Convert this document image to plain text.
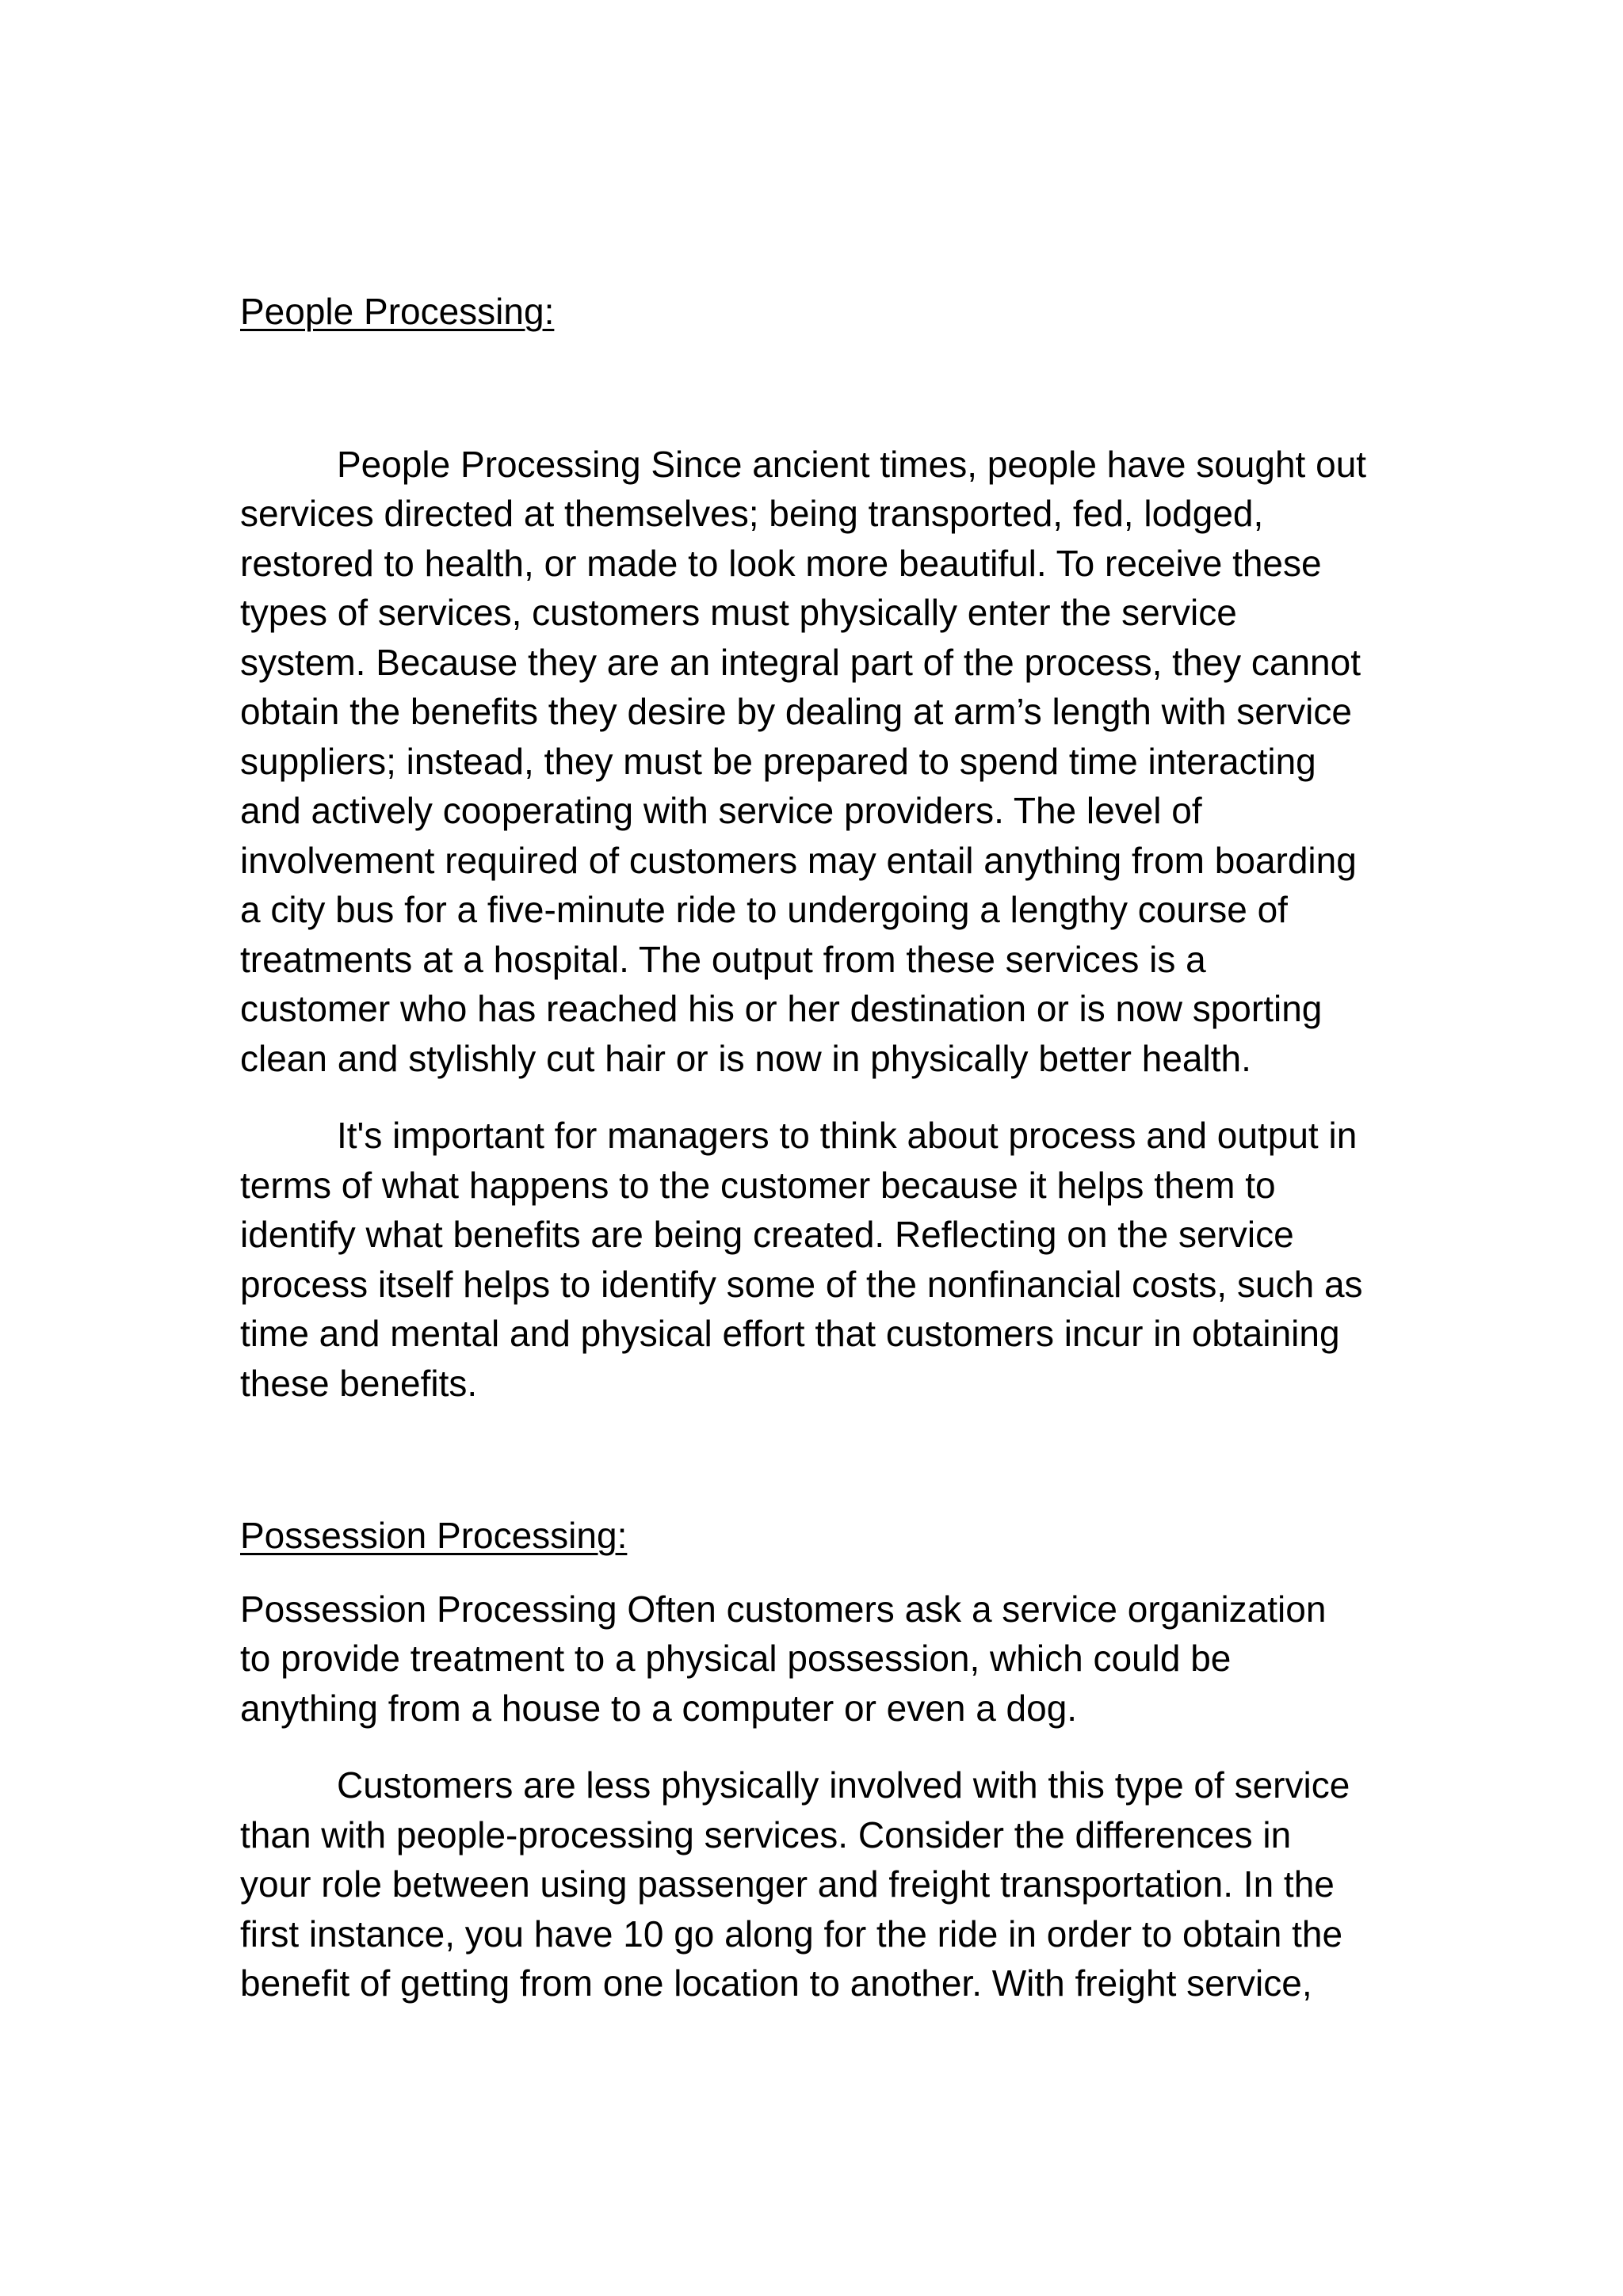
People Processing:

People Processing Since ancient times, people have sought out
services directed at themselves; being transported, fed, lodged,
restored to health, or made to look more beautiful. To receive these
types of services, customers must physically enter the service
system. Because they are an integral part of the process, they cannot
obtain the benefits they desire by dealing at arm’s length with service
suppliers; instead, they must be prepared to spend time interacting
and actively cooperating with service providers. The level of
involvement required of customers may entail anything from boarding
a city bus for a five-minute ride to undergoing a lengthy course of
treatments at a hospital. The output from these services is a
customer who has reached his or her destination or is now sporting
clean and stylishly cut hair or is now in physically better health.

It's important for managers to think about process and output in
terms of what happens to the customer because it helps them to
identify what benefits are being created. Reflecting on the service
process itself helps to identify some of the nonfinancial costs, such as
time and mental and physical effort that customers incur in obtaining
these benefits.

Possession Processing:

Possession Processing Often customers ask a service organization
to provide treatment to a physical possession, which could be
anything from a house to a computer or even a dog.

Customers are less physically involved with this type of service
than with people-processing services. Consider the differences in
your role between using passenger and freight transportation. In the
first instance, you have 10 go along for the ride in order to obtain the
benefit of getting from one location to another. With freight service,
